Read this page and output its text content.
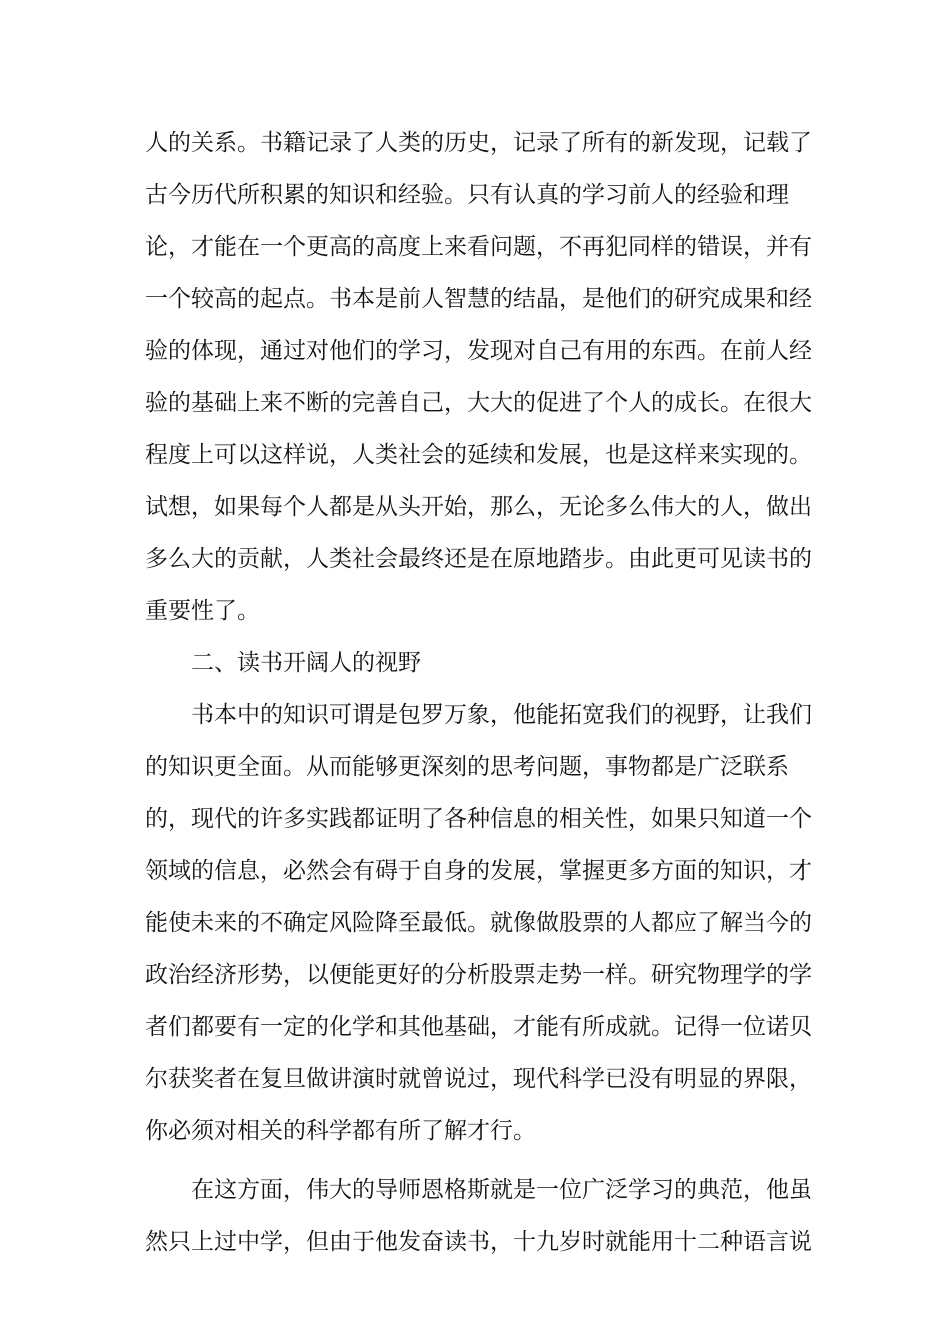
人的关系。书籍记录了人类的历史，记录了所有的新发现，记载了
古今历代所积累的知识和经验。只有认真的学习前人的经验和理
论，才能在一个更高的高度上来看问题，不再犯同样的错误，并有
一个较高的起点。书本是前人智慧的结晶，是他们的研究成果和经
验的体现，通过对他们的学习，发现对自己有用的东西。在前人经
验的基础上来不断的完善自己，大大的促进了个人的成长。在很大
程度上可以这样说，人类社会的延续和发展，也是这样来实现的。
试想，如果每个人都是从头开始，那么，无论多么伟大的人，做出
多么大的贡献，人类社会最终还是在原地踏步。由此更可见读书的
重要性了。
二、读书开阔人的视野
书本中的知识可谓是包罗万象，他能拓宽我们的视野，让我们
的知识更全面。从而能够更深刻的思考问题，事物都是广泛联系
的，现代的许多实践都证明了各种信息的相关性，如果只知道一个
领域的信息，必然会有碍于自身的发展，掌握更多方面的知识，才
能使未来的不确定风险降至最低。就像做股票的人都应了解当今的
政治经济形势，以便能更好的分析股票走势一样。研究物理学的学
者们都要有一定的化学和其他基础，才能有所成就。记得一位诺贝
尔获奖者在复旦做讲演时就曾说过，现代科学已没有明显的界限，
你必须对相关的科学都有所了解才行。
在这方面，伟大的导师恩格斯就是一位广泛学习的典范，他虽
然只上过中学，但由于他发奋读书，十九岁时就能用十二种语言说
